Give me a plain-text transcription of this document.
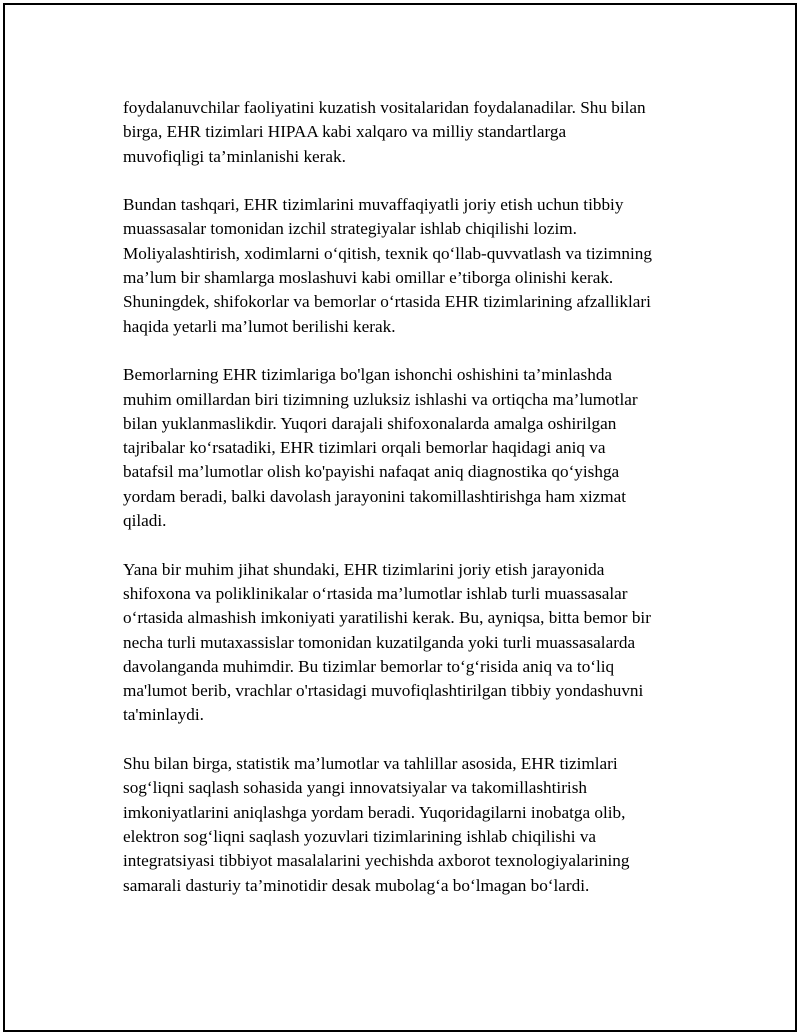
foydalanuvchilar faoliyatini kuzatish vositalaridan foydalanadilar. Shu bilan
birga, EHR tizimlari HIPAA kabi xalqaro va milliy standartlarga
muvofiqligi ta’minlanishi kerak.

Bundan tashqari, EHR tizimlarini muvaffaqiyatli joriy etish uchun tibbiy
muassasalar tomonidan izchil strategiyalar ishlab chiqilishi lozim.
Moliyalashtirish, xodimlarni o‘qitish, texnik qo‘llab-quvvatlash va tizimning
ma’lum bir shamlarga moslashuvi kabi omillar e’tiborga olinishi kerak.
Shuningdek, shifokorlar va bemorlar o‘rtasida EHR tizimlarining afzalliklari
haqida yetarli ma’lumot berilishi kerak.

Bemorlarning EHR tizimlariga bo'lgan ishonchi oshishini ta’minlashda
muhim omillardan biri tizimning uzluksiz ishlashi va ortiqcha ma’lumotlar
bilan yuklanmaslikdir. Yuqori darajali shifoxonalarda amalga oshirilgan
tajribalar ko‘rsatadiki, EHR tizimlari orqali bemorlar haqidagi aniq va
batafsil ma’lumotlar olish ko'payishi nafaqat aniq diagnostika qo‘yishga
yordam beradi, balki davolash jarayonini takomillashtirishga ham xizmat
qiladi.

Yana bir muhim jihat shundaki, EHR tizimlarini joriy etish jarayonida
shifoxona va poliklinikalar o‘rtasida ma’lumotlar ishlab turli muassasalar
o‘rtasida almashish imkoniyati yaratilishi kerak. Bu, ayniqsa, bitta bemor bir
necha turli mutaxassislar tomonidan kuzatilganda yoki turli muassasalarda
davolanganda muhimdir. Bu tizimlar bemorlar to‘g‘risida aniq va to‘liq
ma'lumot berib, vrachlar o'rtasidagi muvofiqlashtirilgan tibbiy yondashuvni
ta'minlaydi.

Shu bilan birga, statistik ma’lumotlar va tahlillar asosida, EHR tizimlari
sog‘liqni saqlash sohasida yangi innovatsiyalar va takomillashtirish
imkoniyatlarini aniqlashga yordam beradi. Yuqoridagilarni inobatga olib,
elektron sog‘liqni saqlash yozuvlari tizimlarining ishlab chiqilishi va
integratsiyasi tibbiyot masalalarini yechishda axborot texnologiyalarining
samarali dasturiy ta’minotidir desak mubolag‘a bo‘lmagan bo‘lardi.
